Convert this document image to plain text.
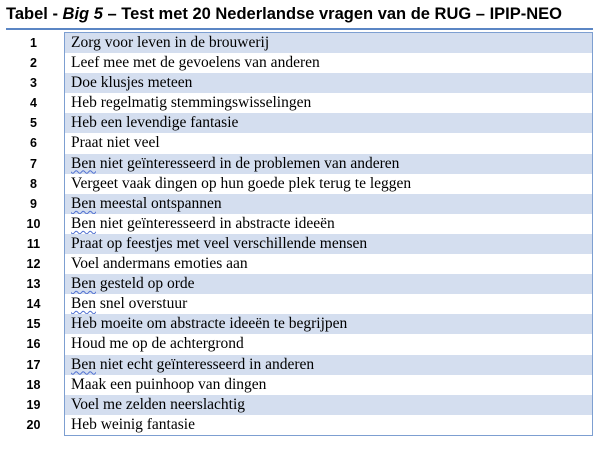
Tabel - Big 5 – Test met 20 Nederlandse vragen van de RUG – IPIP-NEO
1
2
3
4
5
6
7
8
9
10
11
12
13
14
15
16
17
18
19
20
Zorg voor leven in de brouwerij
Leef mee met de gevoelens van anderen
Doe klusjes meteen
Heb regelmatig stemmingswisselingen
Heb een levendige fantasie
Praat niet veel
Ben niet geïnteresseerd in de problemen van anderen
Vergeet vaak dingen op hun goede plek terug te leggen
Ben meestal ontspannen
Ben niet geïnteresseerd in abstracte ideeën
Praat op feestjes met veel verschillende mensen
Voel andermans emoties aan
Ben gesteld op orde
Ben snel overstuur
Heb moeite om abstracte ideeën te begrijpen
Houd me op de achtergrond
Ben niet echt geïnteresseerd in anderen
Maak een puinhoop van dingen
Voel me zelden neerslachtig
Heb weinig fantasie
